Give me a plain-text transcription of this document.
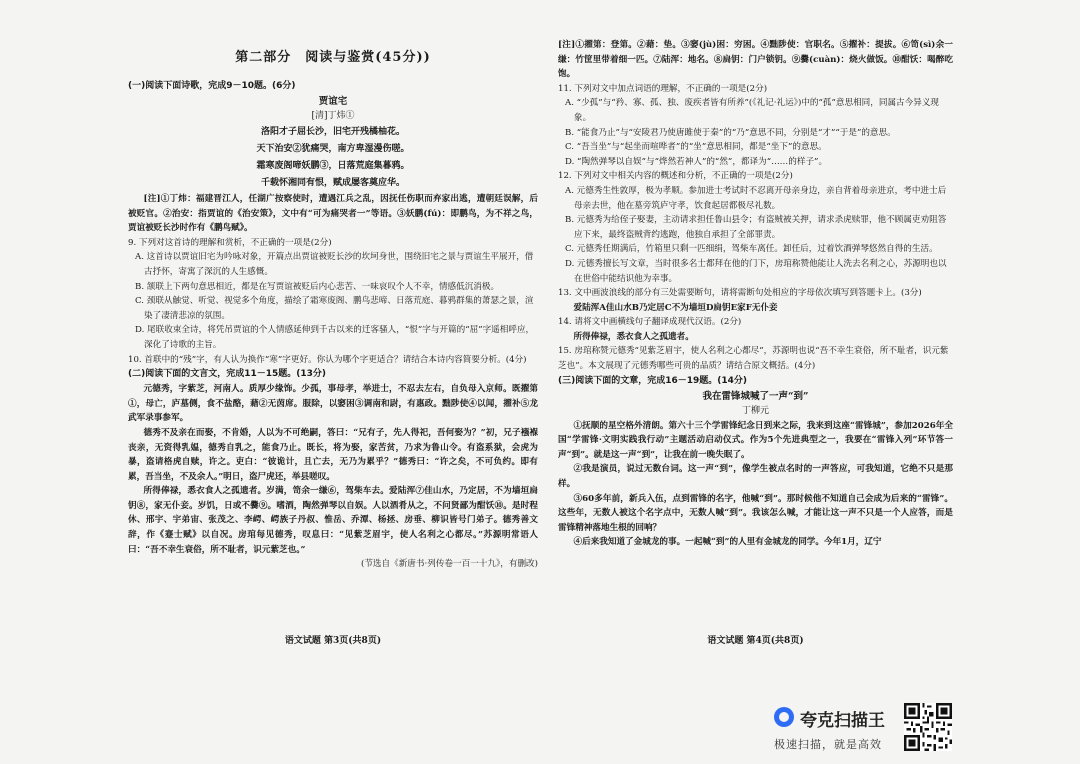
第二部分　阅读与鉴赏(45分))

(一)阅读下面诗歌，完成9－10题。(6分)

贾谊宅
[清]丁炜①
洛阳才子屈长沙，旧宅开残橘柚花。
天下治安②犹痛哭，南方卑湿漫伤嗟。
霜寒废阁啼妖鹏③，日落荒庭集暮鸦。
千载怀湘同有恨，赋成屡客奠应华。

[注]①丁炜：福建晋江人，任湖广按察使时，遭遇江兵之乱，因抚任伤职而弃家出逃，遭朝廷误解，后被贬官。②治安：指贾谊的《治安策》，文中有“可为痛哭者一”等语。③妖鹏(fú)：即鹏鸟，为不祥之鸟，贾谊被贬长沙时作有《鹏鸟赋》。

9. 下列对这首诗的理解和赏析，不正确的一项是(2分)

A. 这首诗以贾谊旧宅为吟咏对象，开篇点出贾谊被贬长沙的坎坷身世，围绕旧宅之景与贾谊生平展开，借古抒怀，寄寓了深沉的人生感慨。

B. 颔联上下两句意思相近，都是在写贾谊被贬后内心悲苦、一味哀叹个人不幸，情感低沉消极。

C. 颈联从触觉、听觉、视觉多个角度，描绘了霜寒废阁、鹏鸟悲啼、日落荒庭、暮鸦群集的萧瑟之景，渲染了凄清悲凉的氛围。

D. 尾联收束全诗，将凭吊贾谊的个人情感延伸到千古以来的迁客骚人，“恨”字与开篇的“屈”字遥相呼应，深化了诗歌的主旨。

10. 首联中的“残”字，有人认为换作“寒”字更好。你认为哪个字更适合？请结合本诗内容简要分析。(4分)

(二)阅读下面的文言文，完成11－15题。(13分)

元德秀，字紫芝，河南人。质厚少缘饰。少孤，事母孝，举进士，不忍去左右，自负母入京师。既擢第①，母亡，庐墓侧，食不盐酪，藉②无茵席。服除，以窭困③调南和尉，有惠政。黜陟使④以闻，擢补⑤龙武军录事参军。

德秀不及亲在而娶，不肯婚，人以为不可绝嗣，答曰：“兄有子，先人得祀，吾何娶为？”初，兄子襁褓丧亲，无资得乳媪，德秀自乳之，能食乃止。既长，将为娶，家苦贫，乃求为鲁山令。有盗系狱，会虎为暴，盗请格虎自赎，许之。吏白：“彼诡计，且亡去，无乃为累乎？”德秀曰：“许之矣，不可负约。即有累，吾当坐，不及余人。”明日，盗尸虎还，举县嗟叹。

所得俸禄，悉衣食人之孤遗者。岁满，笥余一缣⑥，驾柴车去。爱陆浑⑦佳山水，乃定居，不为墙垣扃钥⑧，家无仆妾。岁饥，日或不爨⑨。嗜酒，陶然弹琴以自娱。人以酒肴从之，不问贤鄙为酣饫⑩。是时程休、邢宇、宇弟宙、张茂之、李崿、崿族子丹叔、惟岳、乔潭、杨拯、房垂、柳识皆号门弟子。德秀善文辞，作《蹇士赋》以自况。房琯每见德秀，叹息曰：“见紫芝眉宇，使人名利之心都尽。”苏源明常语人曰：“吾不幸生衰俗，所不耻者，识元紫芝也。”

(节选自《新唐书·列传卷一百一十九》，有删改)

语文试题 第3页(共8页)

[注]①擢第：登第。②藉：垫。③窭(jù)困：穷困。④黜陟使：官职名。⑤擢补：提拔。⑥笥(sì)余一缣：竹筐里带着细一匹。⑦陆浑：地名。⑧扃钥：门户锁钥。⑨爨(cuàn)：烧火做饭。⑩酣饫：喝醉吃饱。

11. 下列对文中加点词语的理解，不正确的一项是(2分)

A. “少孤”与“矜、寡、孤、独、废疾者皆有所养”(《礼记·礼运》)中的“孤”意思相同，同属古今异义现象。

B. “能食乃止”与“安陵君乃使唐雎使于秦”的“乃”意思不同，分别是“才”“于是”的意思。

C. “吾当坐”与“起坐而喧哗者”的“坐”意思相同，都是“坐下”的意思。

D. “陶然弹琴以自娱”与“烨然若神人”的“然”，都译为“……的样子”。

12. 下列对文中相关内容的概述和分析，不正确的一项是(2分)

A. 元德秀生性敦厚，极为孝顺。参加进士考试时不忍离开母亲身边，亲自背着母亲进京，考中进士后母亲去世，他在墓旁筑庐守孝，饮食起居都极尽礼数。

B. 元德秀为给侄子娶妻，主动请求担任鲁山县令；有盗贼被关押，请求杀虎赎罪，他不顾属吏劝阻答应下来，最终盗贼背约逃跑，他独自承担了全部罪责。

C. 元德秀任期满后，竹箱里只剩一匹细绢，驾柴车离任。卸任后，过着饮酒弹琴悠然自得的生活。

D. 元德秀擅长写文章，当时很多名士都拜在他的门下，房琯称赞他能让人洗去名利之心，苏源明也以在世俗中能结识他为幸事。

13. 文中画波浪线的部分有三处需要断句，请将需断句处相应的字母依次填写到答题卡上。(3分)

爱陆浑A佳山水B乃定居C不为墙垣D扃钥E家F无仆妾

14. 请将文中画横线句子翻译成现代汉语。(2分)

所得俸禄，悉衣食人之孤遗者。

15. 房琯称赞元德秀“见紫芝眉宇，使人名利之心都尽”，苏源明也说“吾不幸生衰俗，所不耻者，识元紫芝也”。本文展现了元德秀哪些可贵的品质？请结合原文概括。(4分)

(三)阅读下面的文章，完成16－19题。(14分)

我在雷锋城喊了一声“到”
丁柳元

①抚顺的星空格外清朗。第六十三个学雷锋纪念日到来之际，我来到这座“雷锋城”，参加2026年全国“学雷锋·文明实践我行动”主题活动启动仪式。作为5个先进典型之一，我要在“雷锋入列”环节答一声“到”。就是这一声“到”，让我在前一晚失眠了。

②我是演员，说过无数台词。这一声“到”，像学生被点名时的一声答应，可我知道，它绝不只是那样。

③60多年前，新兵入伍，点到雷锋的名字，他喊“到”。那时候他不知道自己会成为后来的“雷锋”。这些年，无数人被这个名字点中，无数人喊“到”。我该怎么喊，才能让这一声不只是一个人应答，而是雷锋精神落地生根的回响？

④后来我知道了金城龙的事。一起喊“到”的人里有金城龙的同学。今年1月，辽宁

语文试题 第4页(共8页)
夸克扫描王
极速扫描，就是高效
